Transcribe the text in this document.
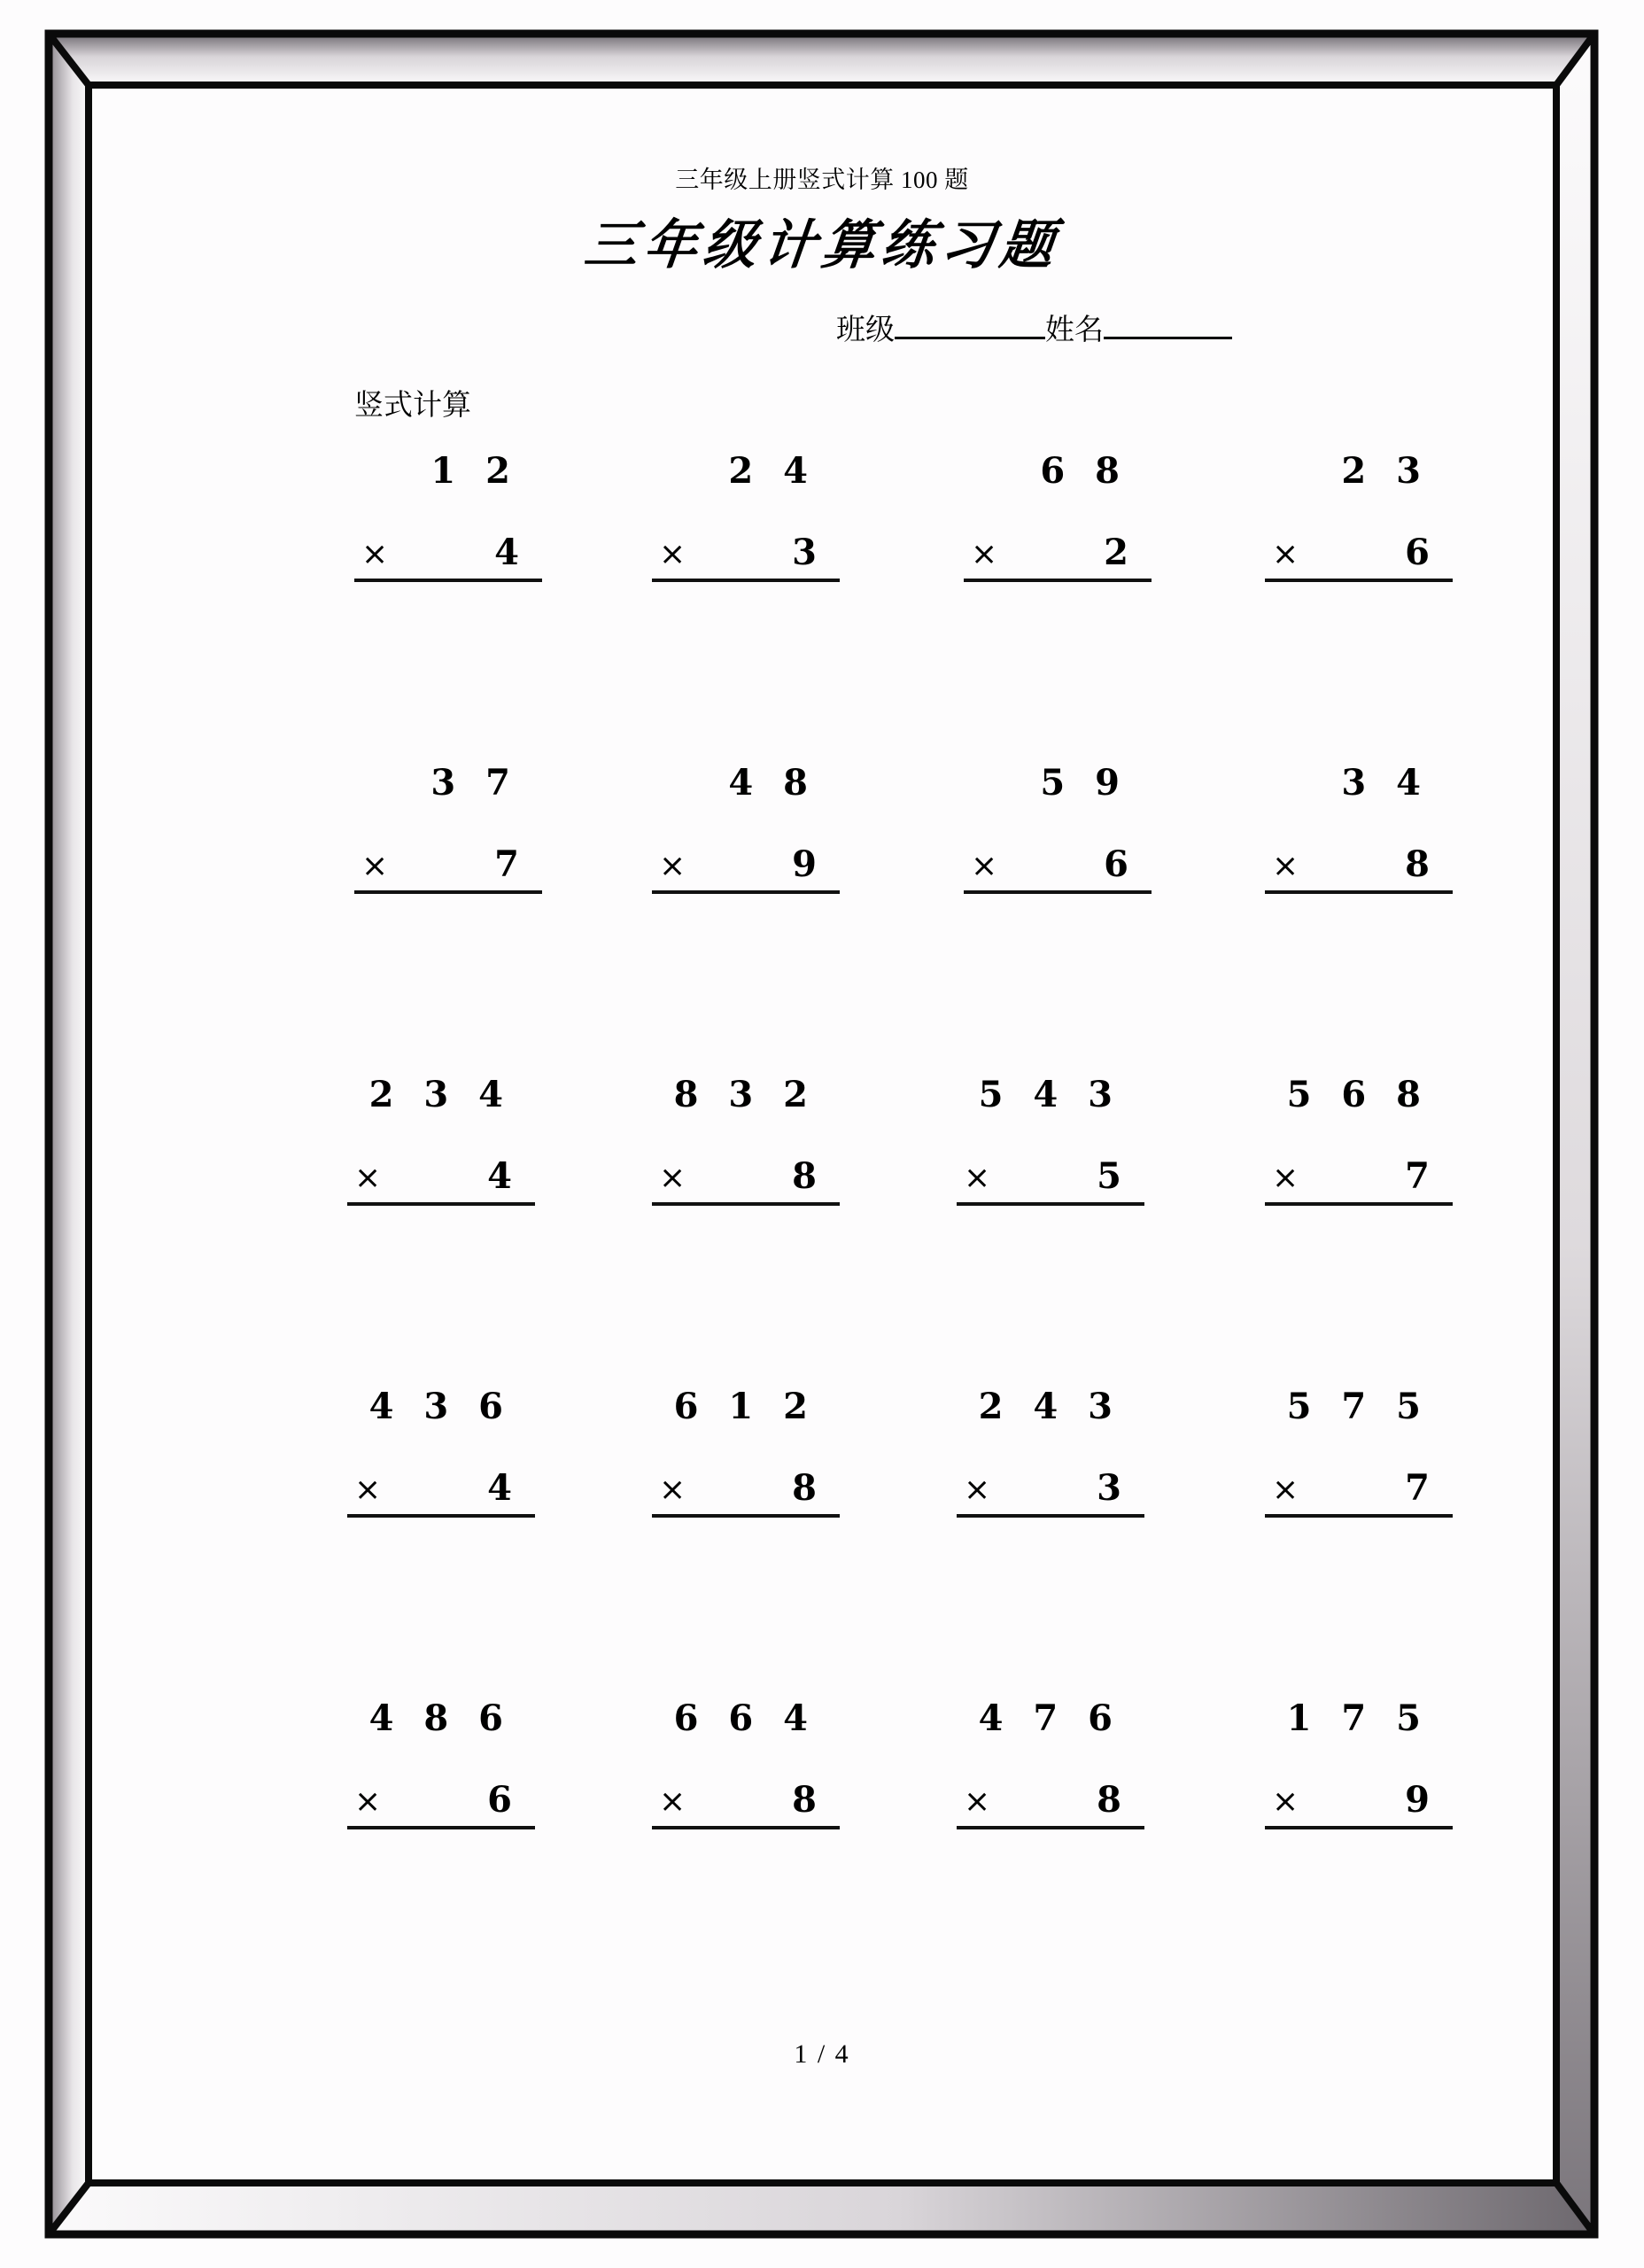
三年级上册竖式计算 100 题
三年级计算练习题
班级	姓名
竖式计算
1 2
×	4
2 4
×	3
6 8
×	2
2 3
×	6
3 7
×	7
4 8
×	9
5 9
×	6
3 4
×	8
2 3 4
×	4
8 3 2
×	8
5 4 3
×	5
5 6 8
×	7
4 3 6
×	4
6 1 2
×	8
2 4 3
×	3
5 7 5
×	7
4 8 6
×	6
6 6 4
×	8
4 7 6
×	8
1 7 5
×	9
1 / 4
